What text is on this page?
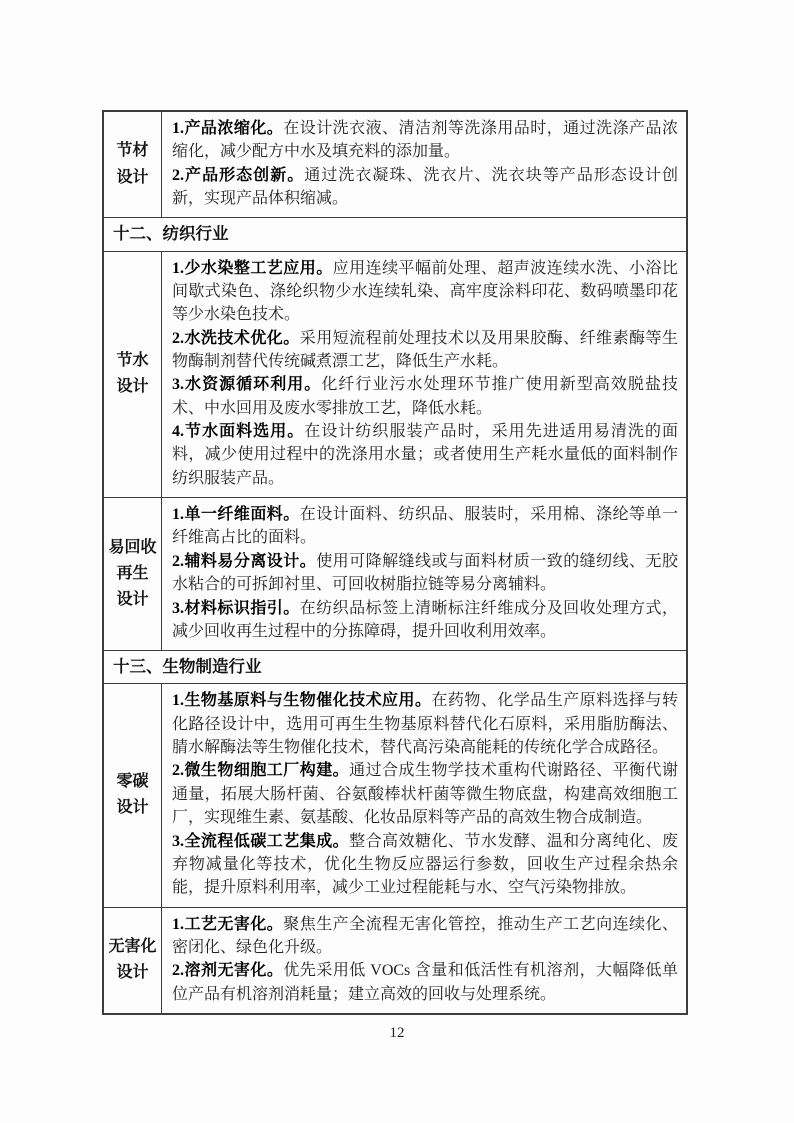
节材
设计
1.产品浓缩化。在设计洗衣液、清洁剂等洗涤用品时，通过洗涤产品浓缩化，减少配方中水及填充料的添加量。
2.产品形态创新。通过洗衣凝珠、洗衣片、洗衣块等产品形态设计创新，实现产品体积缩减。
十二、纺织行业
节水
设计
1.少水染整工艺应用。应用连续平幅前处理、超声波连续水洗、小浴比间歇式染色、涤纶织物少水连续轧染、高牢度涂料印花、数码喷墨印花等少水染色技术。
2.水洗技术优化。采用短流程前处理技术以及用果胶酶、纤维素酶等生物酶制剂替代传统碱煮漂工艺，降低生产水耗。
3.水资源循环利用。化纤行业污水处理环节推广使用新型高效脱盐技术、中水回用及废水零排放工艺，降低水耗。
4.节水面料选用。在设计纺织服装产品时，采用先进适用易清洗的面料，减少使用过程中的洗涤用水量；或者使用生产耗水量低的面料制作纺织服装产品。
易回收
再生
设计
1.单一纤维面料。在设计面料、纺织品、服装时，采用棉、涤纶等单一纤维高占比的面料。
2.辅料易分离设计。使用可降解缝线或与面料材质一致的缝纫线、无胶水粘合的可拆卸衬里、可回收树脂拉链等易分离辅料。
3.材料标识指引。在纺织品标签上清晰标注纤维成分及回收处理方式，减少回收再生过程中的分拣障碍，提升回收利用效率。
十三、生物制造行业
零碳
设计
1.生物基原料与生物催化技术应用。在药物、化学品生产原料选择与转化路径设计中，选用可再生生物基原料替代化石原料，采用脂肪酶法、腈水解酶法等生物催化技术，替代高污染高能耗的传统化学合成路径。
2.微生物细胞工厂构建。通过合成生物学技术重构代谢路径、平衡代谢通量，拓展大肠杆菌、谷氨酸棒状杆菌等微生物底盘，构建高效细胞工厂，实现维生素、氨基酸、化妆品原料等产品的高效生物合成制造。
3.全流程低碳工艺集成。整合高效糖化、节水发酵、温和分离纯化、废弃物减量化等技术，优化生物反应器运行参数，回收生产过程余热余能，提升原料利用率，减少工业过程能耗与水、空气污染物排放。
无害化
设计
1.工艺无害化。聚焦生产全流程无害化管控，推动生产工艺向连续化、密闭化、绿色化升级。
2.溶剂无害化。优先采用低 VOCs 含量和低活性有机溶剂，大幅降低单位产品有机溶剂消耗量；建立高效的回收与处理系统。
12
